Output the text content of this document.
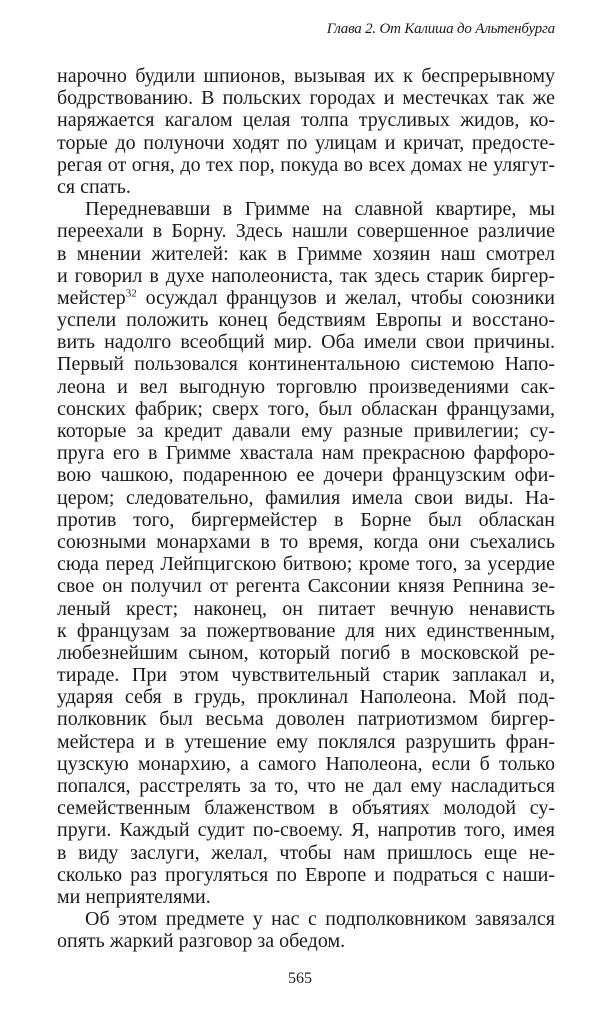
Глава 2. От Калиша до Альтенбурга
нарочно будили шпионов, вызывая их к беспрерывному
бодрствованию. В польских городах и местечках так же
наряжается кагалом целая толпа трусливых жидов, ко-
торые до полуночи ходят по улицам и кричат, предосте-
регая от огня, до тех пор, покуда во всех домах не улягут-
ся спать.
Передневавши в Гримме на славной квартире, мы
переехали в Борну. Здесь нашли совершенное различие
в мнении жителей: как в Гримме хозяин наш смотрел
и говорил в духе наполеониста, так здесь старик биргер-
мейстер$^{32}$ осуждал французов и желал, чтобы союзники
успели положить конец бедствиям Европы и восстано-
вить надолго всеобщий мир. Оба имели свои причины.
Первый пользовался континентальною системою Напо-
леона и вел выгодную торговлю произведениями сак-
сонских фабрик; сверх того, был обласкан французами,
которые за кредит давали ему разные привилегии; су-
пруга его в Гримме хвастала нам прекрасною фарфоро-
вою чашкою, подаренною ее дочери французским офи-
цером; следовательно, фамилия имела свои виды. На-
против того, биргермейстер в Борне был обласкан
союзными монархами в то время, когда они съехались
сюда перед Лейпцигскою битвою; кроме того, за усердие
свое он получил от регента Саксонии князя Репнина зе-
леный крест; наконец, он питает вечную ненависть
к французам за пожертвование для них единственным,
любезнейшим сыном, который погиб в московской ре-
тираде. При этом чувствительный старик заплакал и,
ударяя себя в грудь, проклинал Наполеона. Мой под-
полковник был весьма доволен патриотизмом биргер-
мейстера и в утешение ему поклялся разрушить фран-
цузскую монархию, а самого Наполеона, если б только
попался, расстрелять за то, что не дал ему насладиться
семейственным блаженством в объятиях молодой су-
пруги. Каждый судит по-своему. Я, напротив того, имея
в виду заслуги, желал, чтобы нам пришлось еще не-
сколько раз прогуляться по Европе и подраться с наши-
ми неприятелями.
Об этом предмете у нас с подполковником завязался
опять жаркий разговор за обедом.
565
